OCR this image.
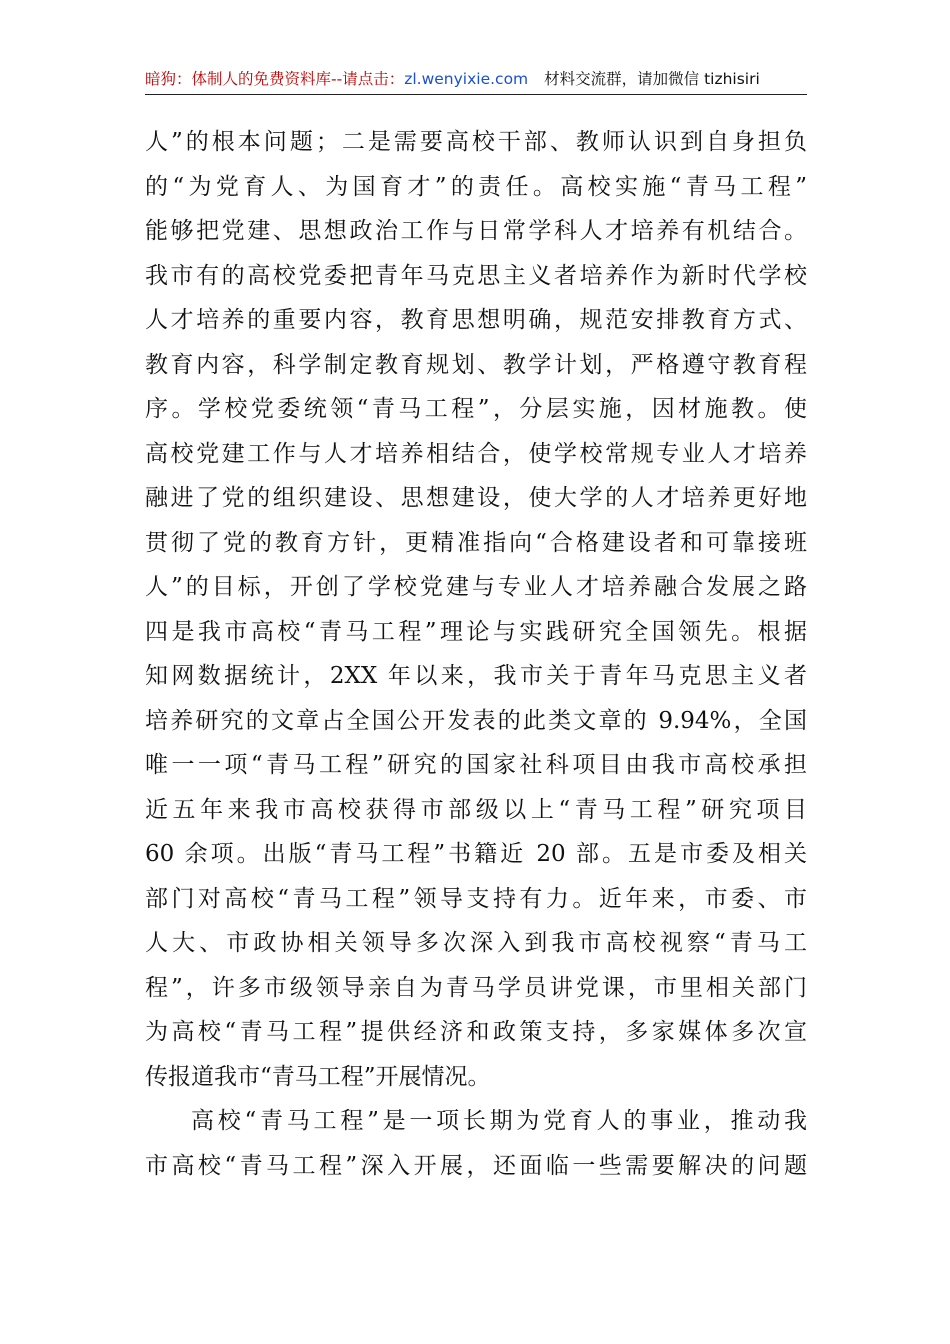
暗狗：体制人的免费资料库--请点击：zl.wenyixie.com 材料交流群，请加微信 tizhisiri
人”的根本问题；二是需要高校干部、教师认识到自身担负
的“为党育人、为国育才”的责任。高校实施“青马工程”
能够把党建、思想政治工作与日常学科人才培养有机结合。
我市有的高校党委把青年马克思主义者培养作为新时代学校
人才培养的重要内容，教育思想明确，规范安排教育方式、
教育内容，科学制定教育规划、教学计划，严格遵守教育程
序。学校党委统领“青马工程”，分层实施，因材施教。使
高校党建工作与人才培养相结合，使学校常规专业人才培养
融进了党的组织建设、思想建设，使大学的人才培养更好地
贯彻了党的教育方针，更精准指向“合格建设者和可靠接班
人”的目标，开创了学校党建与专业人才培养融合发展之路
四是我市高校“青马工程”理论与实践研究全国领先。根据
知网数据统计，2XX 年以来，我市关于青年马克思主义者
培养研究的文章占全国公开发表的此类文章的 9.94%，全国
唯一一项“青马工程”研究的国家社科项目由我市高校承担
近五年来我市高校获得市部级以上“青马工程”研究项目
60 余项。出版“青马工程”书籍近 20 部。五是市委及相关
部门对高校“青马工程”领导支持有力。近年来，市委、市
人大、市政协相关领导多次深入到我市高校视察“青马工
程”，许多市级领导亲自为青马学员讲党课，市里相关部门
为高校“青马工程”提供经济和政策支持，多家媒体多次宣
传报道我市“青马工程”开展情况。
高校“青马工程”是一项长期为党育人的事业，推动我
市高校“青马工程”深入开展，还面临一些需要解决的问题
